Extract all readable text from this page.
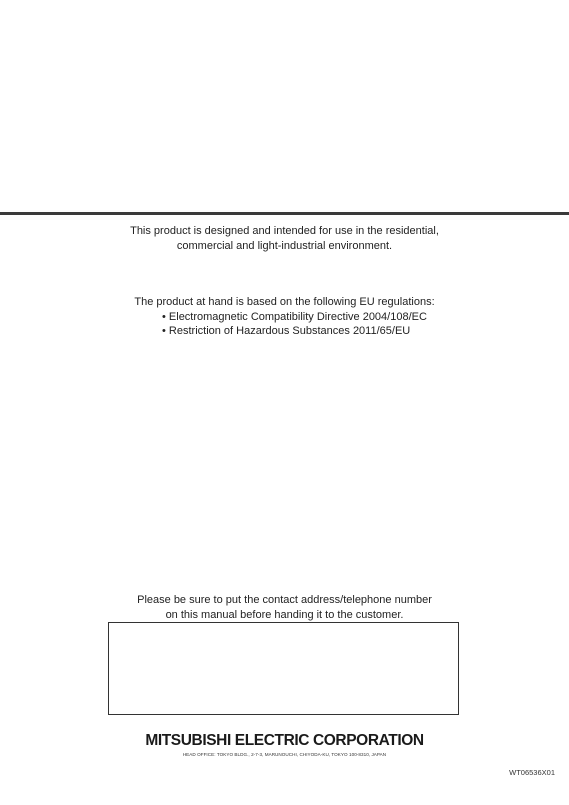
This product is designed and intended for use in the residential,
commercial and light-industrial environment.
The product at hand is based on the following EU regulations:
• Electromagnetic Compatibility Directive 2004/108/EC
• Restriction of Hazardous Substances 2011/65/EU
Please be sure to put the contact address/telephone number
on this manual before handing it to the customer.
MITSUBISHI ELECTRIC CORPORATION
HEAD OFFICE: TOKYO BLDG., 2-7-3, MARUNOUCHI, CHIYODA-KU, TOKYO 100-8310, JAPAN
WT06536X01
